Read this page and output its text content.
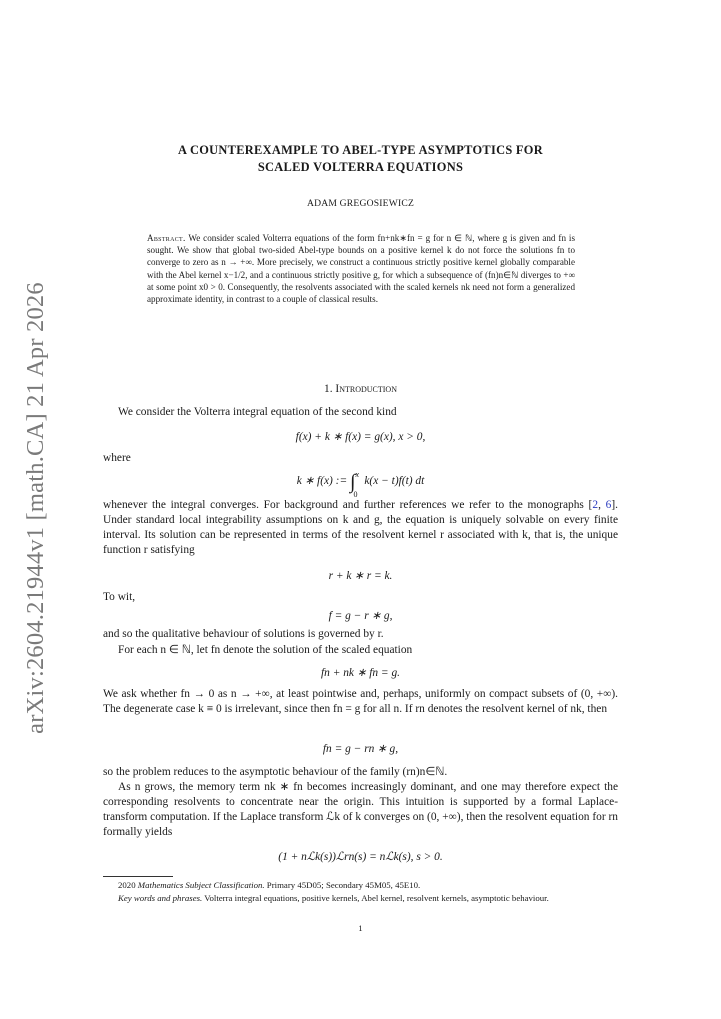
arXiv:2604.21944v1 [math.CA] 21 Apr 2026
A COUNTEREXAMPLE TO ABEL-TYPE ASYMPTOTICS FOR
SCALED VOLTERRA EQUATIONS
ADAM GREGOSIEWICZ
Abstract. We consider scaled Volterra equations of the form fn+nk∗fn = g for n ∈ ℕ, where g is given and fn is sought. We show that global two-sided Abel-type bounds on a positive kernel k do not force the solutions fn to converge to zero as n → +∞. More precisely, we construct a continuous strictly positive kernel globally comparable with the Abel kernel x−1/2, and a continuous strictly positive g, for which a subsequence of (fn)n∈ℕ diverges to +∞ at some point x0 > 0. Consequently, the resolvents associated with the scaled kernels nk need not form a generalized approximate identity, in contrast to a couple of classical results.
1. Introduction
We consider the Volterra integral equation of the second kind
f(x) + k ∗ f(x) = g(x), x > 0,
where
k ∗ f(x) := ∫ x
0
k(x − t)f(t) dt
whenever the integral converges. For background and further references we refer to the monographs [2, 6]. Under standard local integrability assumptions on k and g, the equation is uniquely solvable on every finite interval. Its solution can be represented in terms of the resolvent kernel r associated with k, that is, the unique function r satisfying
r + k ∗ r = k.
To wit,
f = g − r ∗ g,
and so the qualitative behaviour of solutions is governed by r.
For each n ∈ ℕ, let fn denote the solution of the scaled equation
fn + nk ∗ fn = g.
We ask whether fn → 0 as n → +∞, at least pointwise and, perhaps, uniformly on compact subsets of (0, +∞). The degenerate case k ≡ 0 is irrelevant, since then fn = g for all n. If rn denotes the resolvent kernel of nk, then
fn = g − rn ∗ g,
so the problem reduces to the asymptotic behaviour of the family (rn)n∈ℕ.
As n grows, the memory term nk ∗ fn becomes increasingly dominant, and one may therefore expect the corresponding resolvents to concentrate near the origin. This intuition is supported by a formal Laplace-transform computation. If the Laplace transform ℒk of k converges on (0, +∞), then the resolvent equation for rn formally yields
(1 + nℒk(s))ℒrn(s) = nℒk(s), s > 0.
2020 Mathematics Subject Classification. Primary 45D05; Secondary 45M05, 45E10.
Key words and phrases. Volterra integral equations, positive kernels, Abel kernel, resolvent kernels, asymptotic behaviour.
1
